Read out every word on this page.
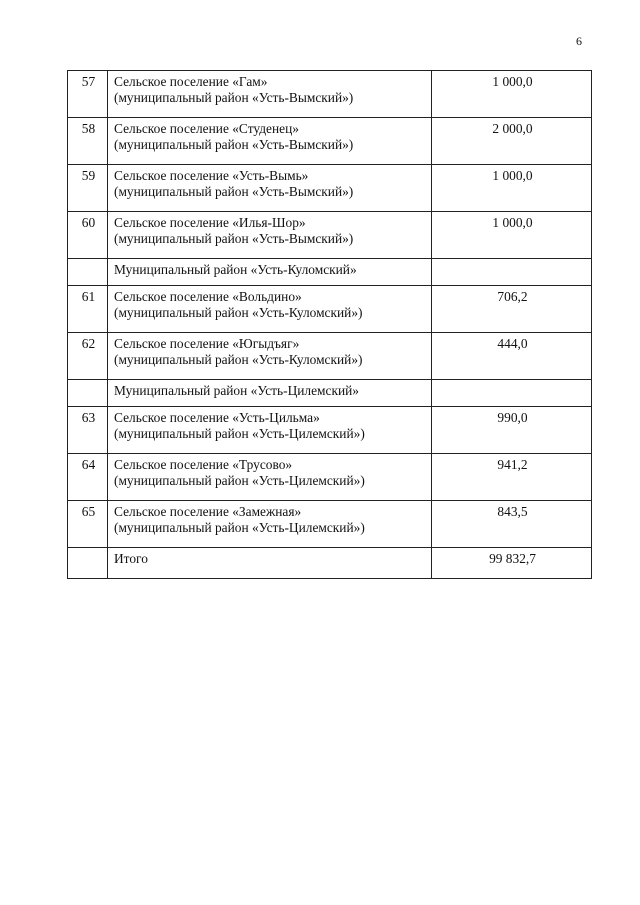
6
57	Сельское поселение «Гам»
(муниципальный район «Усть-Вымский»)	1 000,0
58	Сельское поселение «Студенец»
(муниципальный район «Усть-Вымский»)	2 000,0
59	Сельское поселение «Усть-Вымь»
(муниципальный район «Усть-Вымский»)	1 000,0
60	Сельское поселение «Илья-Шор»
(муниципальный район «Усть-Вымский»)	1 000,0
	Муниципальный район «Усть-Куломский»	
61	Сельское поселение «Вольдино»
(муниципальный район «Усть-Куломский»)	706,2
62	Сельское поселение «Югыдъяг»
(муниципальный район «Усть-Куломский»)	444,0
	Муниципальный район «Усть-Цилемский»	
63	Сельское поселение «Усть-Цильма»
(муниципальный район «Усть-Цилемский»)	990,0
64	Сельское поселение «Трусово»
(муниципальный район «Усть-Цилемский»)	941,2
65	Сельское поселение «Замежная»
(муниципальный район «Усть-Цилемский»)	843,5
	Итого	99 832,7
